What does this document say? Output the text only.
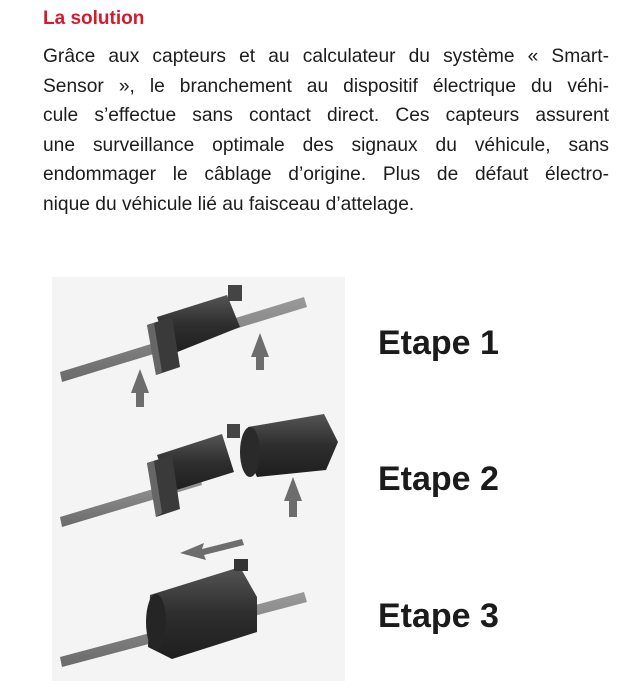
La solution
Grâce aux capteurs et au calculateur du système « Smart-
Sensor », le branchement au dispositif électrique du véhi-
cule s’effectue sans contact direct. Ces capteurs assurent
une surveillance optimale des signaux du véhicule, sans
endommager le câblage d’origine. Plus de défaut électro-
nique du véhicule lié au faisceau d’attelage.
Etape 1
Etape 2
Etape 3
